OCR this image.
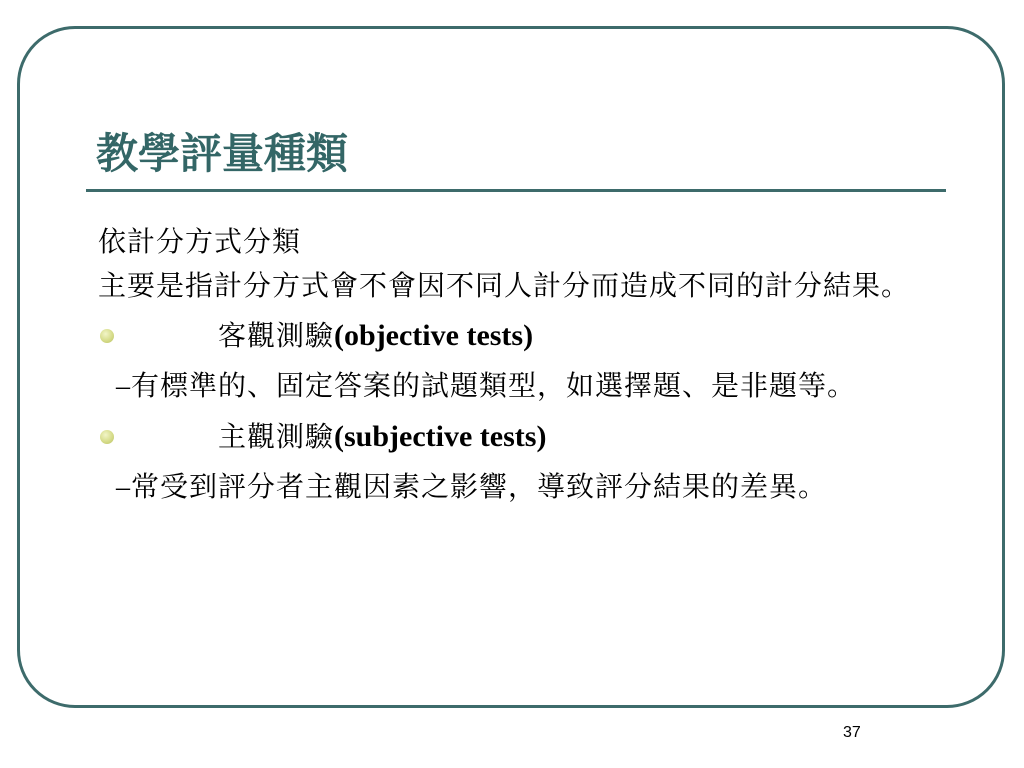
教學評量種類

依計分方式分類

主要是指計分方式會不會因不同人計分而造成不同的計分結果。

客觀測驗(objective tests)

–有標準的、固定答案的試題類型，如選擇題、是非題等。

主觀測驗(subjective tests)

–常受到評分者主觀因素之影響，導致評分結果的差異。

37
